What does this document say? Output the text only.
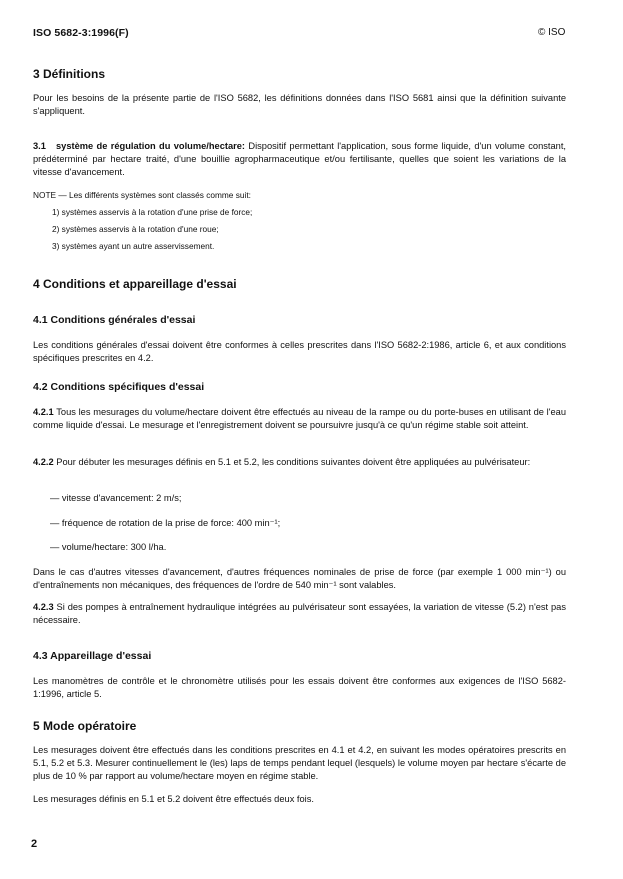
ISO 5682-3:1996(F)	© ISO
3 Définitions
Pour les besoins de la présente partie de l'ISO 5682, les définitions données dans l'ISO 5681 ainsi que la définition suivante s'appliquent.
3.1 système de régulation du volume/hectare: Dispositif permettant l'application, sous forme liquide, d'un volume constant, prédéterminé par hectare traité, d'une bouillie agropharmaceutique et/ou fertilisante, quelles que soient les variations de la vitesse d'avancement.
NOTE — Les différents systèmes sont classés comme suit:
1) systèmes asservis à la rotation d'une prise de force;
2) systèmes asservis à la rotation d'une roue;
3) systèmes ayant un autre asservissement.
4 Conditions et appareillage d'essai
4.1 Conditions générales d'essai
Les conditions générales d'essai doivent être conformes à celles prescrites dans l'ISO 5682-2:1986, article 6, et aux conditions spécifiques prescrites en 4.2.
4.2 Conditions spécifiques d'essai
4.2.1 Tous les mesurages du volume/hectare doivent être effectués au niveau de la rampe ou du porte-buses en utilisant de l'eau comme liquide d'essai. Le mesurage et l'enregistrement doivent se poursuivre jusqu'à ce qu'un régime stable soit atteint.
4.2.2 Pour débuter les mesurages définis en 5.1 et 5.2, les conditions suivantes doivent être appliquées au pulvérisateur:
— vitesse d'avancement: 2 m/s;
— fréquence de rotation de la prise de force: 400 min⁻¹;
— volume/hectare: 300 l/ha.
Dans le cas d'autres vitesses d'avancement, d'autres fréquences nominales de prise de force (par exemple 1 000 min⁻¹) ou d'entraînements non mécaniques, des fréquences de l'ordre de 540 min⁻¹ sont valables.
4.2.3 Si des pompes à entraînement hydraulique intégrées au pulvérisateur sont essayées, la variation de vitesse (5.2) n'est pas nécessaire.
4.3 Appareillage d'essai
Les manomètres de contrôle et le chronomètre utilisés pour les essais doivent être conformes aux exigences de l'ISO 5682-1:1996, article 5.
5 Mode opératoire
Les mesurages doivent être effectués dans les conditions prescrites en 4.1 et 4.2, en suivant les modes opératoires prescrits en 5.1, 5.2 et 5.3. Mesurer continuellement le (les) laps de temps pendant lequel (lesquels) le volume moyen par hectare s'écarte de plus de 10 % par rapport au volume/hectare moyen en régime stable.
Les mesurages définis en 5.1 et 5.2 doivent être effectués deux fois.
2
